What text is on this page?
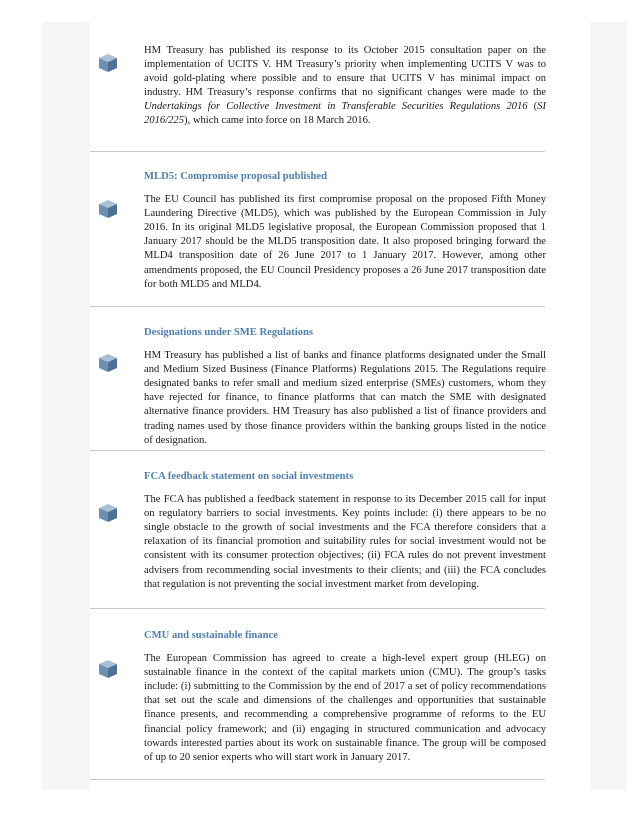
HM Treasury has published its response to its October 2015 consultation paper on the implementation of UCITS V. HM Treasury’s priority when implementing UCITS V was to avoid gold-plating where possible and to ensure that UCITS V has minimal impact on industry. HM Treasury’s response confirms that no significant changes were made to the Undertakings for Collective Investment in Transferable Securities Regulations 2016 (SI 2016/225), which came into force on 18 March 2016.

MLD5: Compromise proposal published

The EU Council has published its first compromise proposal on the proposed Fifth Money Laundering Directive (MLD5), which was published by the European Commission in July 2016. In its original MLD5 legislative proposal, the European Commission proposed that 1 January 2017 should be the MLD5 transposition date. It also proposed bringing forward the MLD4 transposition date of 26 June 2017 to 1 January 2017. However, among other amendments proposed, the EU Council Presidency proposes a 26 June 2017 transposition date for both MLD5 and MLD4.

Designations under SME Regulations

HM Treasury has published a list of banks and finance platforms designated under the Small and Medium Sized Business (Finance Platforms) Regulations 2015. The Regulations require designated banks to refer small and medium sized enterprise (SMEs) customers, whom they have rejected for finance, to finance platforms that can match the SME with designated alternative finance providers. HM Treasury has also published a list of finance providers and trading names used by those finance providers within the banking groups listed in the notice of designation.

FCA feedback statement on social investments

The FCA has published a feedback statement in response to its December 2015 call for input on regulatory barriers to social investments. Key points include: (i) there appears to be no single obstacle to the growth of social investments and the FCA therefore considers that a relaxation of its financial promotion and suitability rules for social investment would not be consistent with its consumer protection objectives; (ii) FCA rules do not prevent investment advisers from recommending social investments to their clients; and (iii) the FCA concludes that regulation is not preventing the social investment market from developing.

CMU and sustainable finance

The European Commission has agreed to create a high-level expert group (HLEG) on sustainable finance in the context of the capital markets union (CMU). The group’s tasks include: (i) submitting to the Commission by the end of 2017 a set of policy recommendations that set out the scale and dimensions of the challenges and opportunities that sustainable finance presents, and recommending a comprehensive programme of reforms to the EU financial policy framework; and (ii) engaging in structured communication and advocacy towards interested parties about its work on sustainable finance. The group will be composed of up to 20 senior experts who will start work in January 2017.
